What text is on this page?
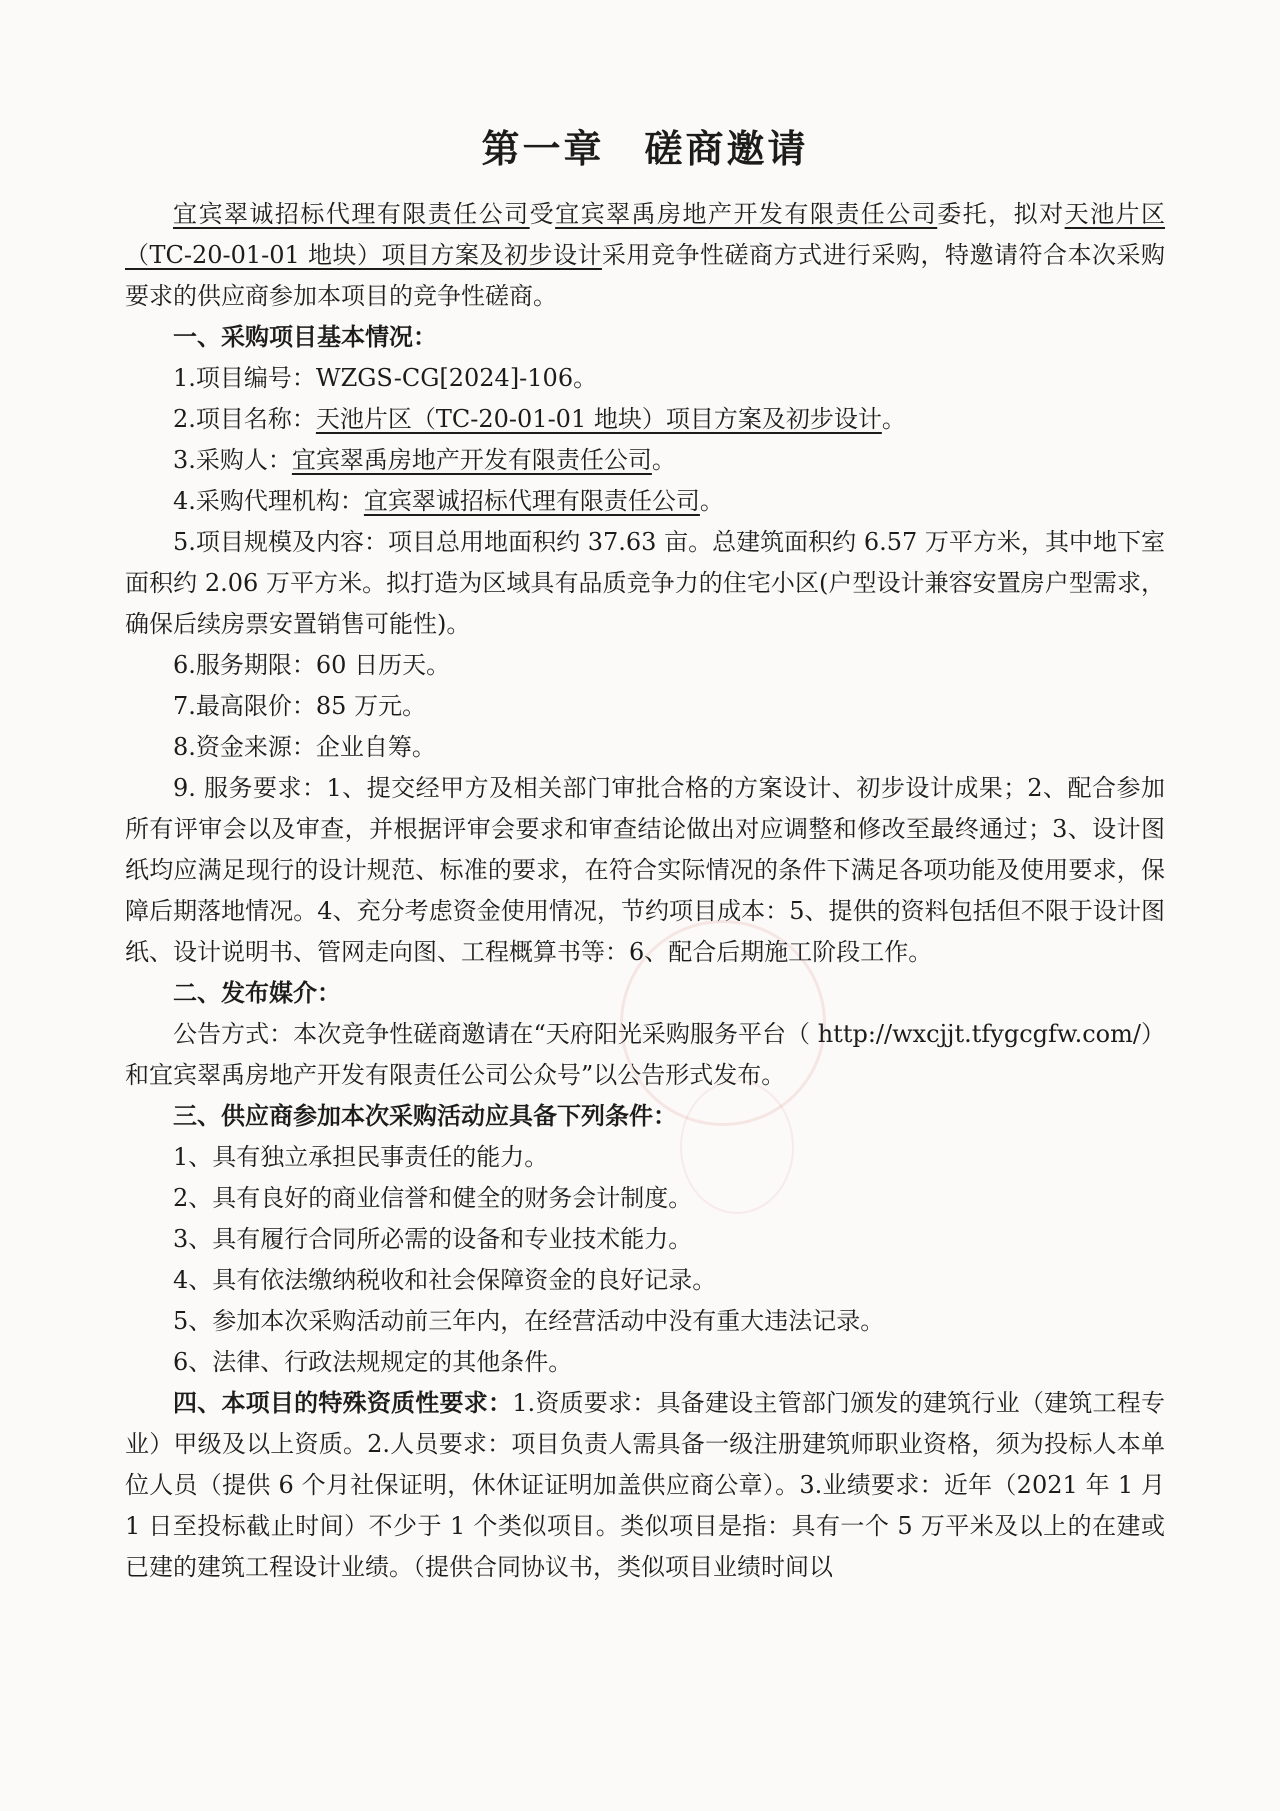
第一章 磋商邀请

宜宾翠诚招标代理有限责任公司受宜宾翠禹房地产开发有限责任公司委托，拟对天池片区（TC-20-01-01 地块）项目方案及初步设计采用竞争性磋商方式进行采购，特邀请符合本次采购要求的供应商参加本项目的竞争性磋商。

一、采购项目基本情况：

1.项目编号：WZGS-CG[2024]-106。

2.项目名称：天池片区（TC-20-01-01 地块）项目方案及初步设计。

3.采购人：宜宾翠禹房地产开发有限责任公司。

4.采购代理机构：宜宾翠诚招标代理有限责任公司。

5.项目规模及内容：项目总用地面积约 37.63 亩。总建筑面积约 6.57 万平方米，其中地下室面积约 2.06 万平方米。拟打造为区域具有品质竞争力的住宅小区(户型设计兼容安置房户型需求，确保后续房票安置销售可能性)。

6.服务期限：60 日历天。

7.最高限价：85 万元。

8.资金来源：企业自筹。

9. 服务要求：1、提交经甲方及相关部门审批合格的方案设计、初步设计成果；2、配合参加所有评审会以及审查，并根据评审会要求和审查结论做出对应调整和修改至最终通过；3、设计图纸均应满足现行的设计规范、标准的要求，在符合实际情况的条件下满足各项功能及使用要求，保障后期落地情况。4、充分考虑资金使用情况，节约项目成本：5、提供的资料包括但不限于设计图纸、设计说明书、管网走向图、工程概算书等：6、配合后期施工阶段工作。

二、发布媒介：

公告方式：本次竞争性磋商邀请在“天府阳光采购服务平台（ http://wxcjjt.tfygcgfw.com/）和宜宾翠禹房地产开发有限责任公司公众号”以公告形式发布。

三、供应商参加本次采购活动应具备下列条件：

1、具有独立承担民事责任的能力。

2、具有良好的商业信誉和健全的财务会计制度。

3、具有履行合同所必需的设备和专业技术能力。

4、具有依法缴纳税收和社会保障资金的良好记录。

5、参加本次采购活动前三年内，在经营活动中没有重大违法记录。

6、法律、行政法规规定的其他条件。

四、本项目的特殊资质性要求：1.资质要求：具备建设主管部门颁发的建筑行业（建筑工程专业）甲级及以上资质。2.人员要求：项目负责人需具备一级注册建筑师职业资格，须为投标人本单位人员（提供 6 个月社保证明，休休证证明加盖供应商公章）。3.业绩要求：近年（2021 年 1 月 1 日至投标截止时间）不少于 1 个类似项目。类似项目是指：具有一个 5 万平米及以上的在建或已建的建筑工程设计业绩。（提供合同协议书，类似项目业绩时间以
